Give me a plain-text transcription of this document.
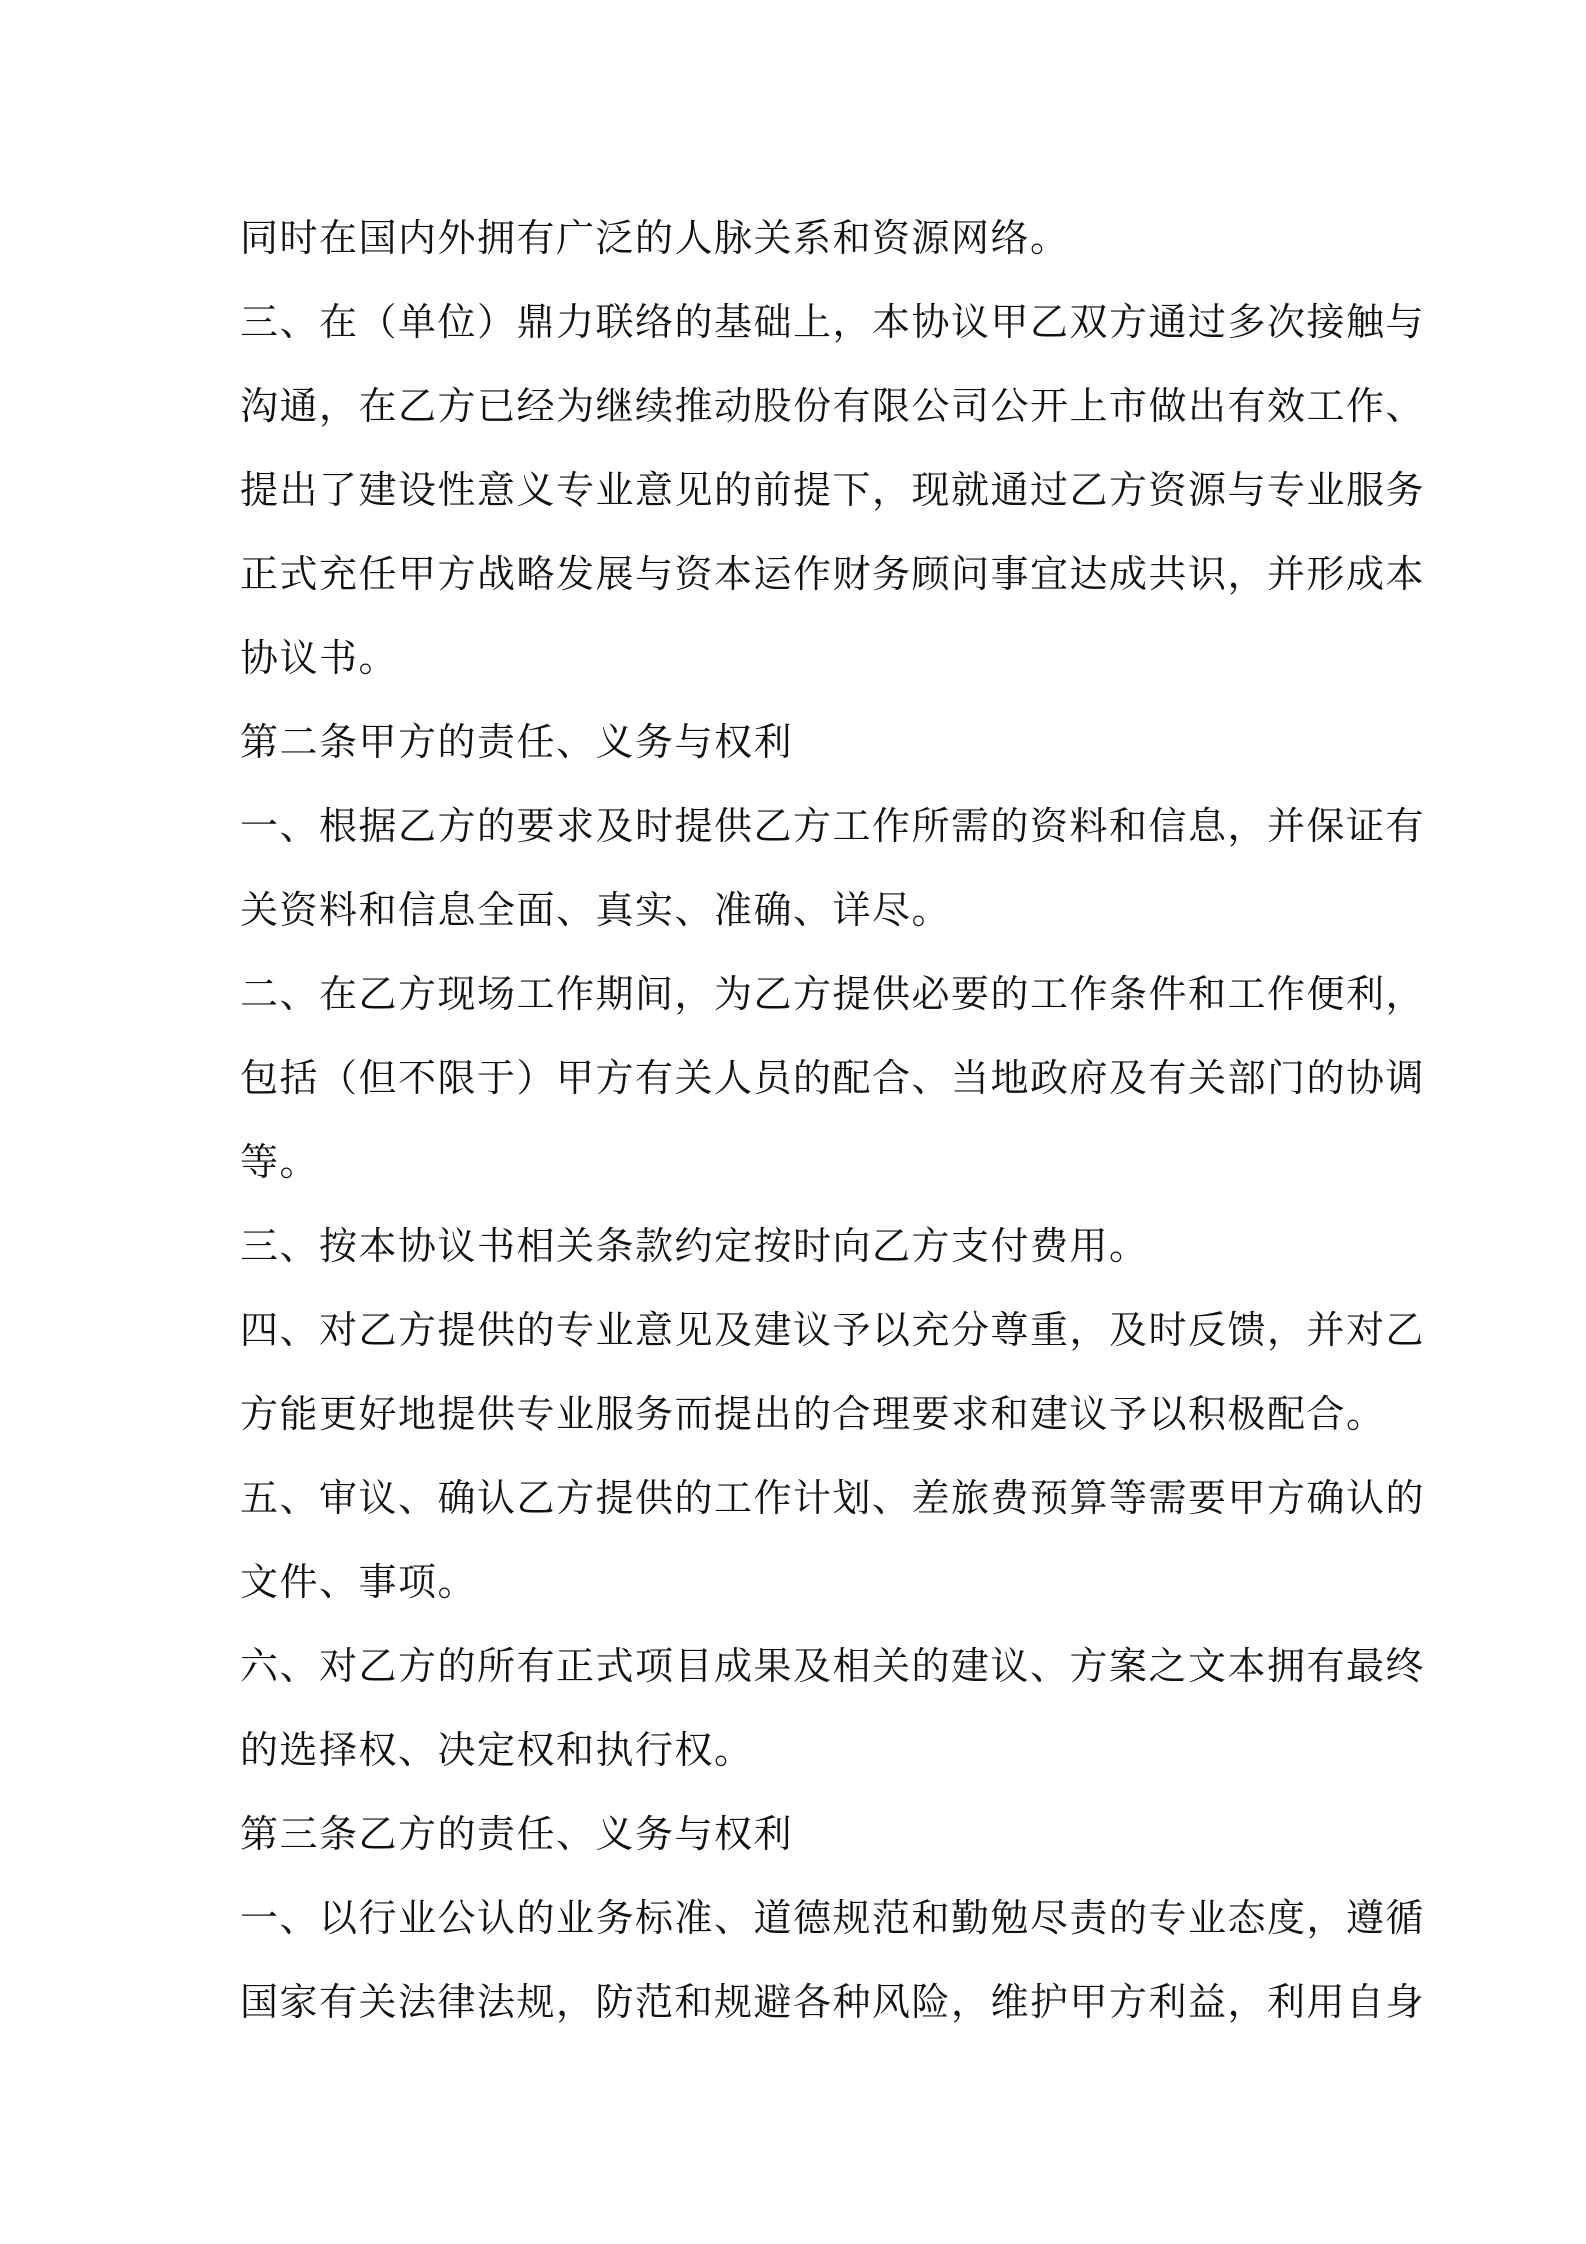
同时在国内外拥有广泛的人脉关系和资源网络。
三、在（单位）鼎力联络的基础上，本协议甲乙双方通过多次接触与
沟通，在乙方已经为继续推动股份有限公司公开上市做出有效工作、
提出了建设性意义专业意见的前提下，现就通过乙方资源与专业服务
正式充任甲方战略发展与资本运作财务顾问事宜达成共识，并形成本
协议书。
第二条甲方的责任、义务与权利
一、根据乙方的要求及时提供乙方工作所需的资料和信息，并保证有
关资料和信息全面、真实、准确、详尽。
二、在乙方现场工作期间，为乙方提供必要的工作条件和工作便利，
包括（但不限于）甲方有关人员的配合、当地政府及有关部门的协调
等。
三、按本协议书相关条款约定按时向乙方支付费用。
四、对乙方提供的专业意见及建议予以充分尊重，及时反馈，并对乙
方能更好地提供专业服务而提出的合理要求和建议予以积极配合。
五、审议、确认乙方提供的工作计划、差旅费预算等需要甲方确认的
文件、事项。
六、对乙方的所有正式项目成果及相关的建议、方案之文本拥有最终
的选择权、决定权和执行权。
第三条乙方的责任、义务与权利
一、以行业公认的业务标准、道德规范和勤勉尽责的专业态度，遵循
国家有关法律法规，防范和规避各种风险，维护甲方利益，利用自身
